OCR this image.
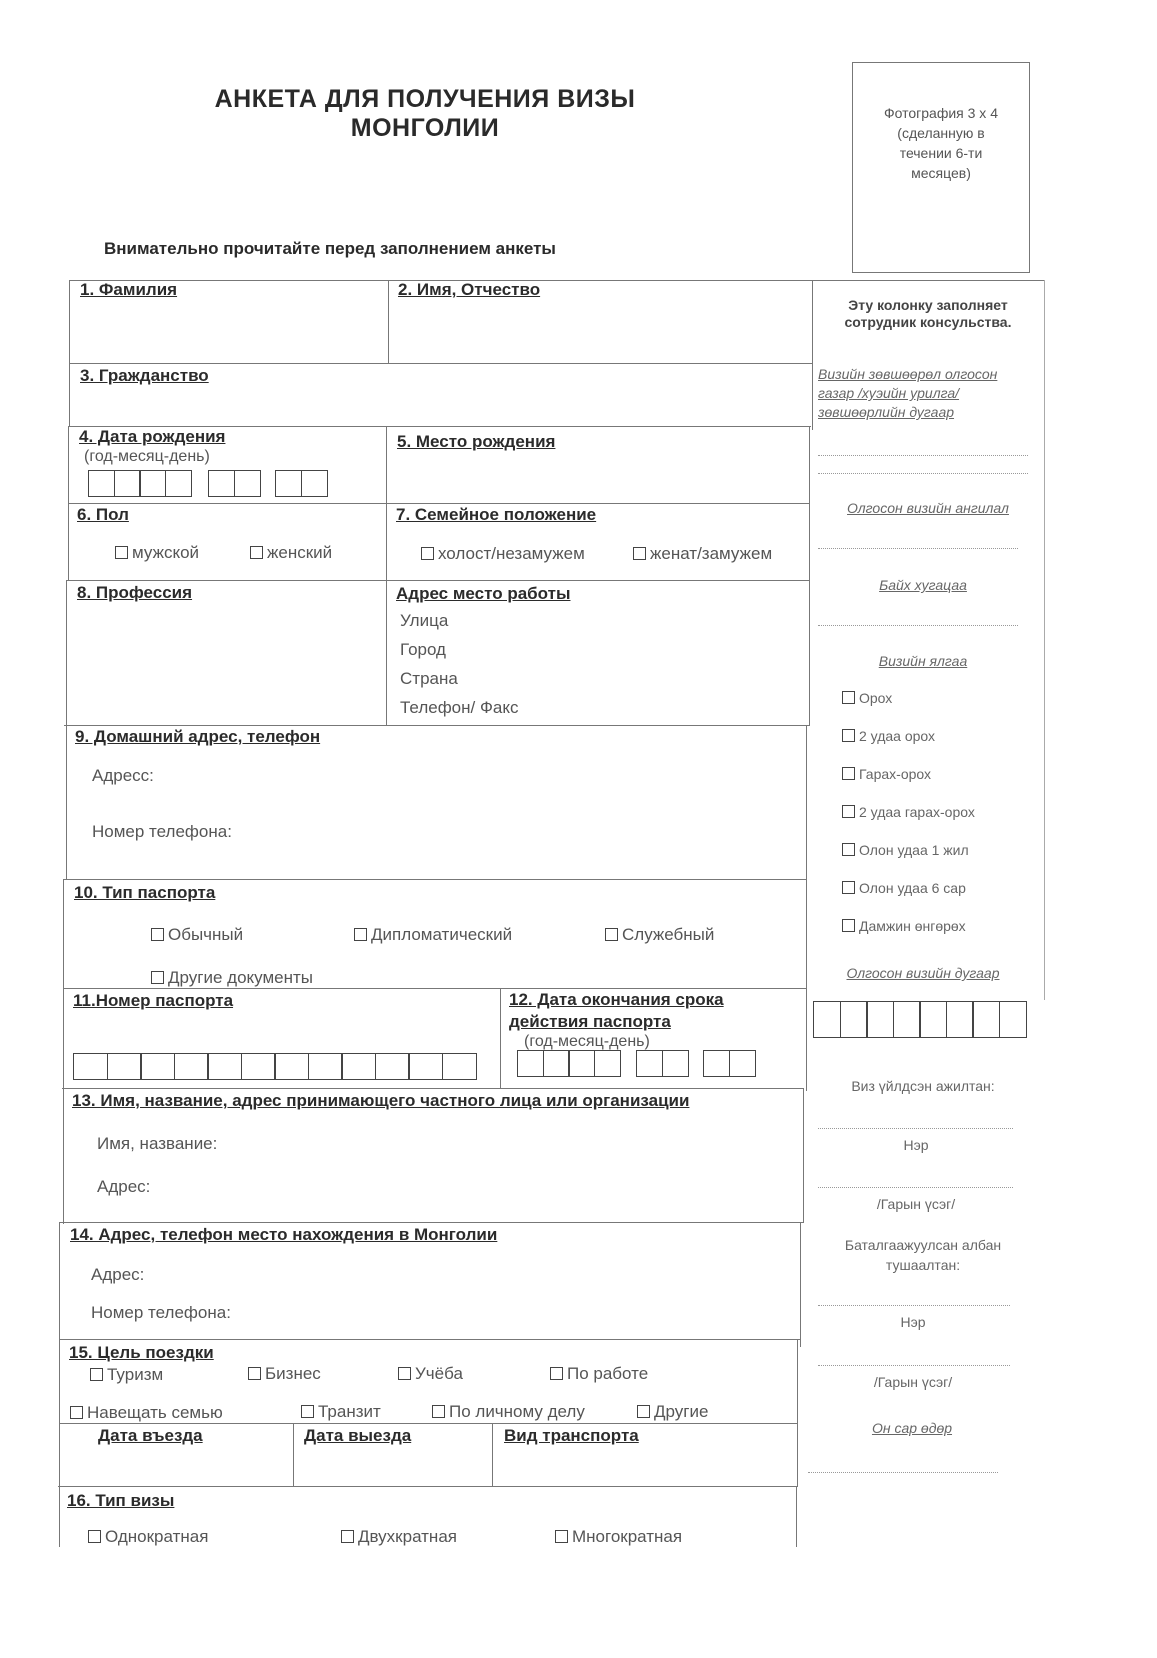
АНКЕТА ДЛЯ ПОЛУЧЕНИЯ ВИЗЫ
МОНГОЛИИ
Внимательно прочитайте перед заполнением анкеты
Фотография 3 х 4
(сделанную в
течении 6-ти
месяцев)
1. Фамилия	2. Имя, Отчество
3. Гражданство
4. Дата рождения
(год-месяц-день)
5. Место рождения
6. Пол
мужской	женский
7. Семейное положение
холост/незамужем	женат/замужем
8. Профессия	Адрес место работы
Улица
Город
Страна
Телефон/ Факс
9. Домашний адрес, телефон
Адресс:
Номер телефона:
10. Тип паспорта
Обычный	Дипломатический	Служебный
Другие документы
11.Номер паспорта	12. Дата окончания срока
действия паспорта
(год-месяц-день)
13. Имя, название, адрес принимающего частного лица или организации
Имя, название:
Адрес:
14. Адрес, телефон место нахождения в Монголии
Адрес:
Номер телефона:
15. Цель поездки
Туризм	Бизнес	Учёба	По работе
Навещать семью	Транзит	По личному делу	Другие
Дата въезда	Дата выезда	Вид транспорта
16. Тип визы
Однократная	Двухкратная	Многократная
Эту колонку заполняет
сотрудник консульства.
Визийн зөвшөөрөл олгосон
газар /хуэийн урилга/
зөвшөөрлийн дугаар
Олгосон визийн ангилал
Байх хугацаа
Визийн ялгаа
Орох
2 удаа орох
Гарах-орох
2 удаа гарах-орох
Олон удаа 1 жил
Олон удаа 6 сар
Дамжин өнгөрөх
Олгосон визийн дугаар
Виз үйлдсэн ажилтан:
Нэр
/Гарын үсэг/
Баталгаажуулсан албан
тушаалтан:
Нэр
/Гарын үсэг/
Он сар өдөр
